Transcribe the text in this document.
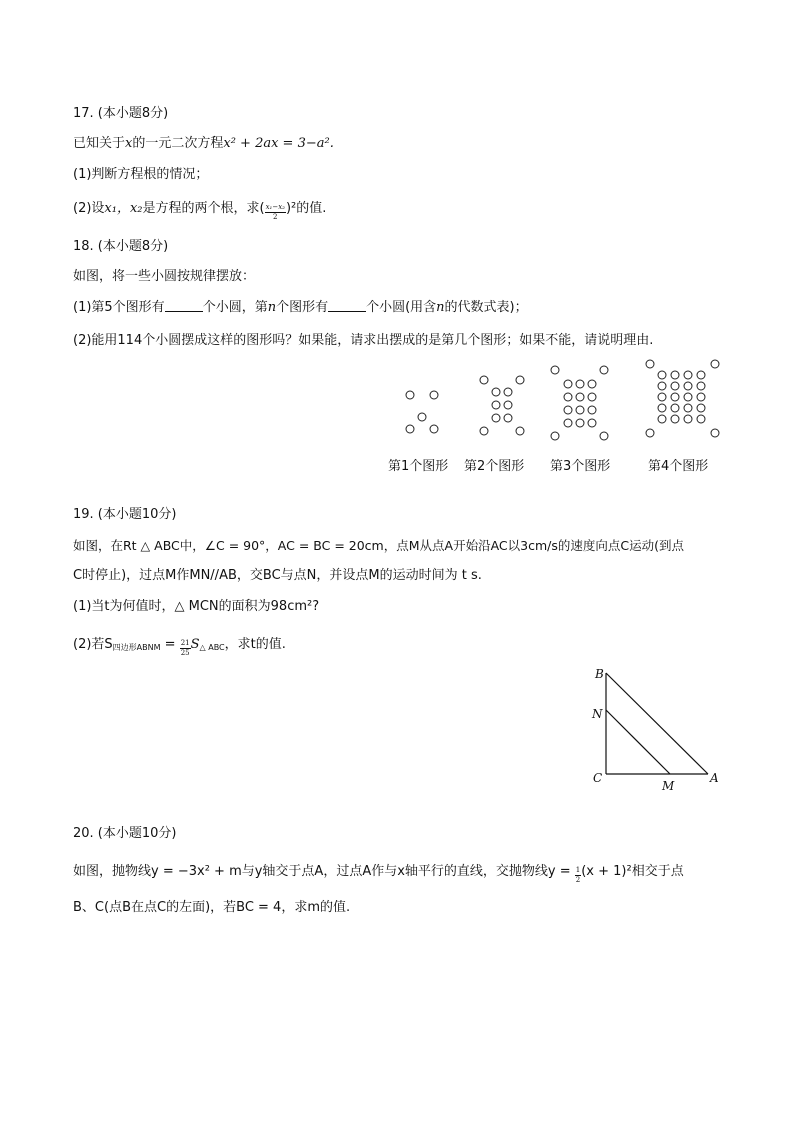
17. (本小题8分)
已知关于x的一元二次方程x² + 2ax = 3−a².
(1)判断方程根的情况；
(2)设x₁，x₂是方程的两个根，求( $\frac{\text{x₁−x₂}}{2} )^2$的值.
18. (本小题8分)
如图，将一些小圆按规律摆放：
(1)第5个图形有	个小圆，第n个图形有	个小圆(用含n的代数式表)；
(2)能用114个小圆摆成这样的图形吗？如果能，请求出摆成的是第几个图形；如果不能，请说明理由.
B
N
C
M
A
第1个图形 第2个图形 第3个图形	第4个图形
19. (本小题10分)
如图，在Rt △ ABC中，∠C = 90°，AC = BC = 20cm，点M从点A开始沿AC以3cm/s的速度向点C运动(到点
C时停止)，过点M作MN//AB，交BC与点N，并设点M的运动时间为 t s.
(1)当t为何值时，△ MCN的面积为98cm²?
(2)若$S_{四边形ABNM} = \frac{21}{25} S_{\triangle ABC}$，求t的值.
20. (本小题10分)
如图，抛物线y = −3x² + m与y轴交于点A，过点A作与x轴平行的直线，交抛物线$y = \frac{1}{2} (x + 1)^2$相交于点
B、C(点B在点C的左面)，若BC = 4，求m的值.
